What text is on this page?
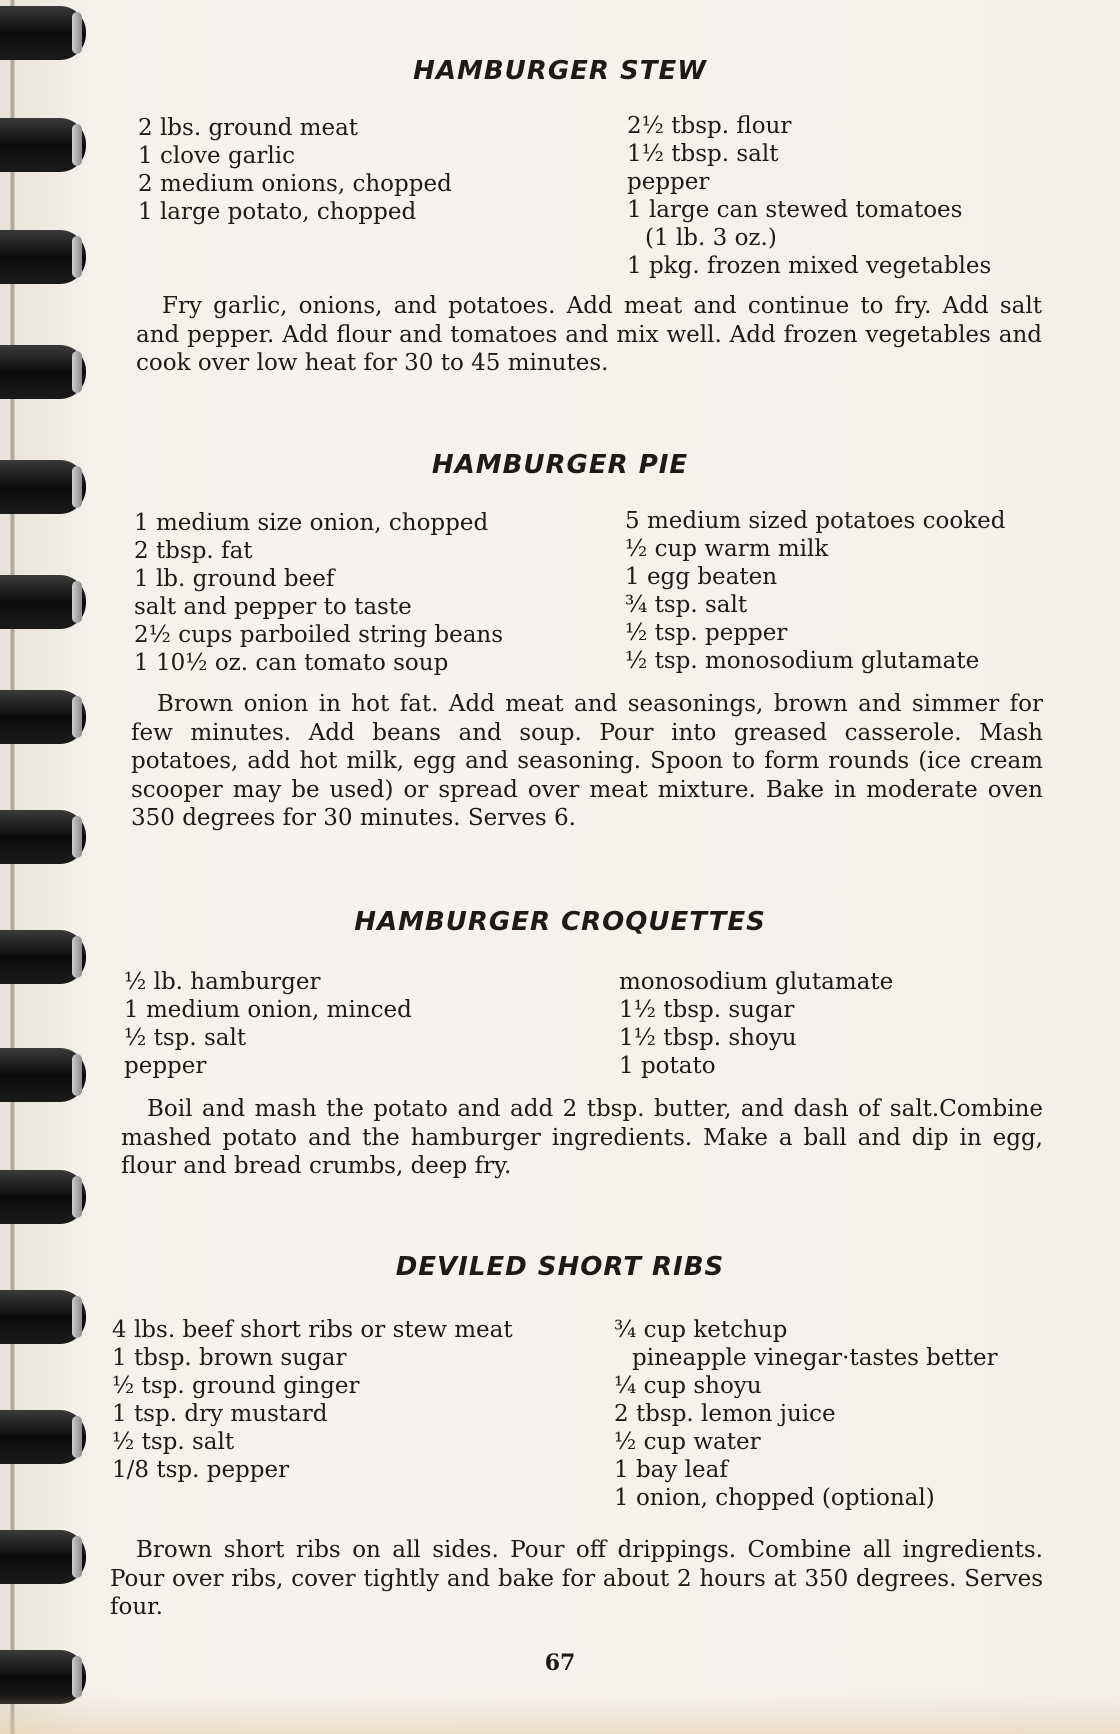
HAMBURGER STEW
2 lbs. ground meat
1 clove garlic
2 medium onions, chopped
1 large potato, chopped
2½ tbsp. flour
1½ tbsp. salt
pepper
1 large can stewed tomatoes
(1 lb. 3 oz.)
1 pkg. frozen mixed vegetables

Fry garlic, onions, and potatoes. Add meat and continue to fry. Add salt and pepper. Add flour and tomatoes and mix well. Add frozen vegetables and cook over low heat for 30 to 45 minutes.

HAMBURGER PIE
1 medium size onion, chopped
2 tbsp. fat
1 lb. ground beef
salt and pepper to taste
2½ cups parboiled string beans
1 10½ oz. can tomato soup
5 medium sized potatoes cooked
½ cup warm milk
1 egg beaten
¾ tsp. salt
½ tsp. pepper
½ tsp. monosodium glutamate

Brown onion in hot fat. Add meat and seasonings, brown and simmer for few minutes. Add beans and soup. Pour into greased casserole. Mash potatoes, add hot milk, egg and seasoning. Spoon to form rounds (ice cream scooper may be used) or spread over meat mixture. Bake in moderate oven 350 degrees for 30 minutes. Serves 6.

HAMBURGER CROQUETTES
½ lb. hamburger
1 medium onion, minced
½ tsp. salt
pepper
monosodium glutamate
1½ tbsp. sugar
1½ tbsp. shoyu
1 potato

Boil and mash the potato and add 2 tbsp. butter, and dash of salt.Combine mashed potato and the hamburger ingredients. Make a ball and dip in egg, flour and bread crumbs, deep fry.

DEVILED SHORT RIBS
4 lbs. beef short ribs or stew meat
1 tbsp. brown sugar
½ tsp. ground ginger
1 tsp. dry mustard
½ tsp. salt
1/8 tsp. pepper
¾ cup ketchup
pineapple vinegar·tastes better
¼ cup shoyu
2 tbsp. lemon juice
½ cup water
1 bay leaf
1 onion, chopped (optional)

Brown short ribs on all sides. Pour off drippings. Combine all ingredients. Pour over ribs, cover tightly and bake for about 2 hours at 350 degrees. Serves four.

67
